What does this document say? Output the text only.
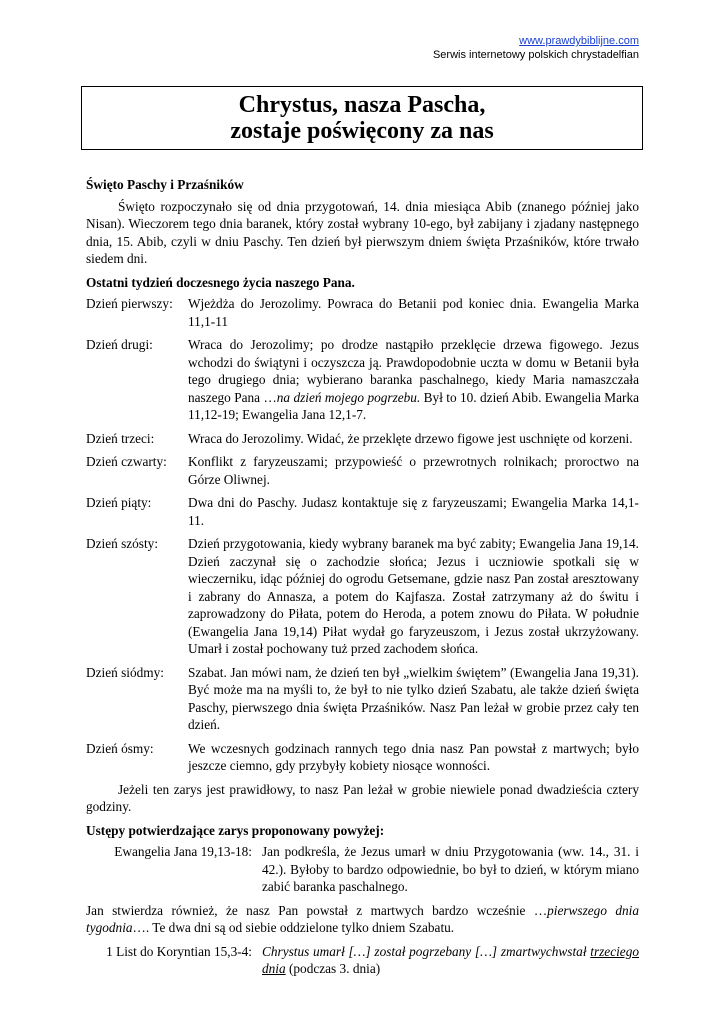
www.prawdybiblijne.com
Serwis internetowy polskich chrystadelfian
Chrystus, nasza Pascha,
zostaje poświęcony za nas
Święto Paschy i Przaśników
Święto rozpoczynało się od dnia przygotowań, 14. dnia miesiąca Abib (znanego później jako Nisan). Wieczorem tego dnia baranek, który został wybrany 10-ego, był zabijany i zjadany następnego dnia, 15. Abib, czyli w dniu Paschy. Ten dzień był pierwszym dniem święta Przaśników, które trwało siedem dni.
Ostatni tydzień doczesnego życia naszego Pana.
Dzień pierwszy:	Wjeżdża do Jerozolimy. Powraca do Betanii pod koniec dnia. Ewangelia Marka 11,1-11
Dzień drugi:	Wraca do Jerozolimy; po drodze nastąpiło przeklęcie drzewa figowego. Jezus wchodzi do świątyni i oczyszcza ją. Prawdopodobnie uczta w domu w Betanii była tego drugiego dnia; wybierano baranka paschalnego, kiedy Maria namaszczała naszego Pana …na dzień mojego pogrzebu. Był to 10. dzień Abib. Ewangelia Marka 11,12-19; Ewangelia Jana 12,1-7.
Dzień trzeci:	Wraca do Jerozolimy. Widać, że przeklęte drzewo figowe jest uschnięte od korzeni.
Dzień czwarty:	Konflikt z faryzeuszami; przypowieść o przewrotnych rolnikach; proroctwo na Górze Oliwnej.
Dzień piąty:	Dwa dni do Paschy. Judasz kontaktuje się z faryzeuszami; Ewangelia Marka 14,1-11.
Dzień szósty:	Dzień przygotowania, kiedy wybrany baranek ma być zabity; Ewangelia Jana 19,14. Dzień zaczynał się o zachodzie słońca; Jezus i uczniowie spotkali się w wieczerniku, idąc później do ogrodu Getsemane, gdzie nasz Pan został aresztowany i zabrany do Annasza, a potem do Kajfasza. Został zatrzymany aż do świtu i zaprowadzony do Piłata, potem do Heroda, a potem znowu do Piłata. W południe (Ewangelia Jana 19,14) Piłat wydał go faryzeuszom, i Jezus został ukrzyżowany. Umarł i został pochowany tuż przed zachodem słońca.
Dzień siódmy:	Szabat. Jan mówi nam, że dzień ten był „wielkim świętem” (Ewangelia Jana 19,31). Być może ma na myśli to, że był to nie tylko dzień Szabatu, ale także dzień święta Paschy, pierwszego dnia święta Przaśników. Nasz Pan leżał w grobie przez cały ten dzień.
Dzień ósmy:	We wczesnych godzinach rannych tego dnia nasz Pan powstał z martwych; było jeszcze ciemno, gdy przybyły kobiety niosące wonności.
Jeżeli ten zarys jest prawidłowy, to nasz Pan leżał w grobie niewiele ponad dwadzieścia cztery godziny.
Ustępy potwierdzające zarys proponowany powyżej:
Ewangelia Jana 19,13-18: Jan podkreśla, że Jezus umarł w dniu Przygotowania (ww. 14., 31. i 42.). Byłoby to bardzo odpowiednie, bo był to dzień, w którym miano zabić baranka paschalnego.
Jan stwierdza również, że nasz Pan powstał z martwych bardzo wcześnie …pierwszego dnia tygodnia…. Te dwa dni są od siebie oddzielone tylko dniem Szabatu.
1 List do Koryntian 15,3-4: Chrystus umarł […] został pogrzebany […] zmartwychwstał trzeciego dnia (podczas 3. dnia)
